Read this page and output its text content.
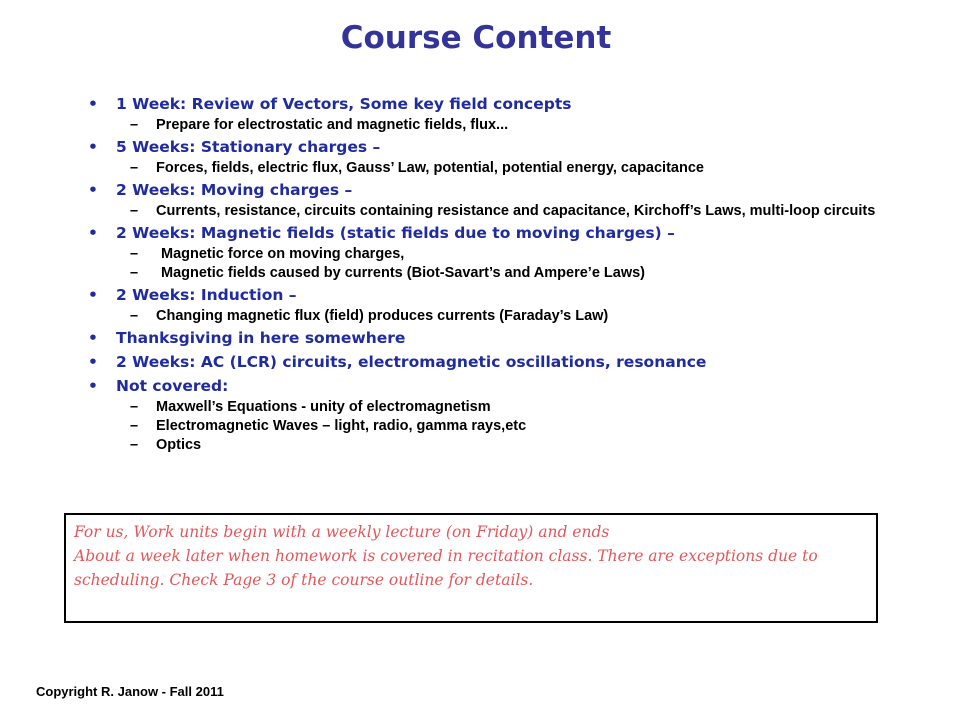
Course Content
• 1 Week: Review of Vectors, Some key field concepts
– Prepare for electrostatic and magnetic fields, flux...
• 5 Weeks: Stationary charges –
– Forces, fields, electric flux, Gauss’ Law, potential, potential energy, capacitance
• 2 Weeks: Moving charges –
– Currents, resistance, circuits containing resistance and capacitance, Kirchoff’s Laws, multi-loop circuits
• 2 Weeks: Magnetic fields (static fields due to moving charges) –
– Magnetic force on moving charges,
– Magnetic fields caused by currents (Biot-Savart’s and Ampere’e Laws)
• 2 Weeks: Induction –
– Changing magnetic flux (field) produces currents (Faraday’s Law)
• Thanksgiving in here somewhere
• 2 Weeks: AC (LCR) circuits, electromagnetic oscillations, resonance
• Not covered:
– Maxwell’s Equations - unity of electromagnetism
– Electromagnetic Waves – light, radio, gamma rays,etc
– Optics

For us, Work units begin with a weekly lecture (on Friday) and ends

About a week later when homework is covered in recitation class. There are exceptions due to scheduling. Check Page 3 of the course outline for details.

Copyright R. Janow - Fall 2011
